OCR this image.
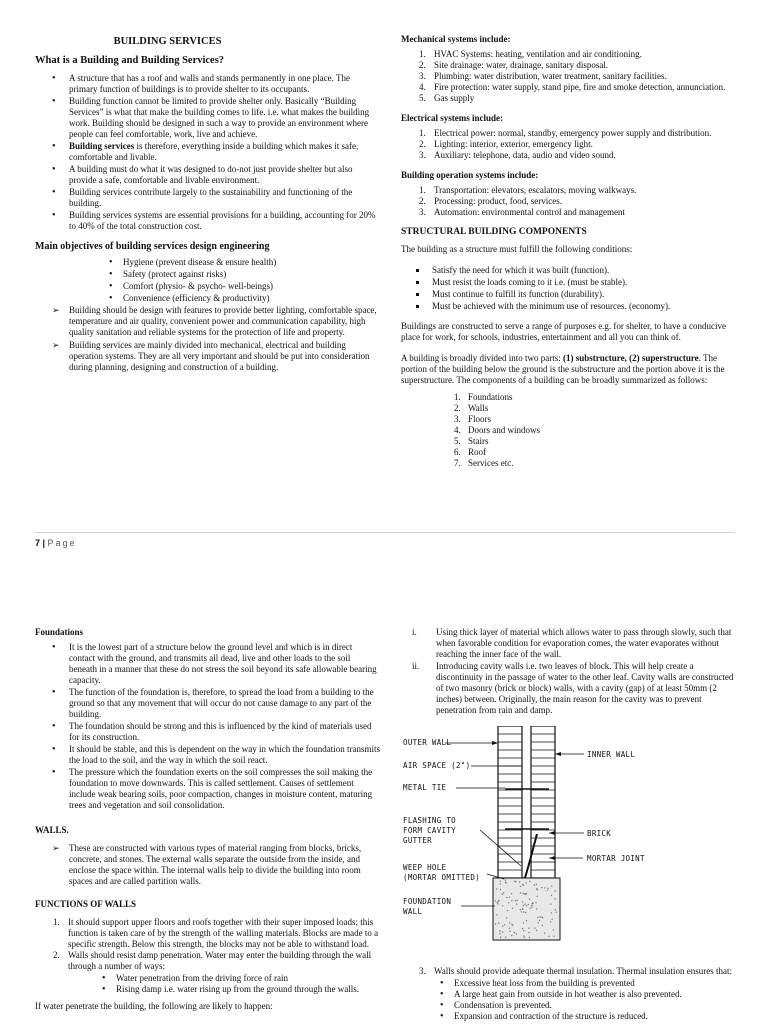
BUILDING SERVICES
What is a Building and Building Services?
• A structure that has a roof and walls and stands permanently in one place. The primary function of buildings is to provide shelter to its occupants.
• Building function cannot be limited to provide shelter only. Basically “Building Services” is what that make the building comes to life. i.e. what makes the building work. Building should be designed in such a way to provide an environment where people can feel comfortable, work, live and achieve.
• Building services is therefore, everything inside a building which makes it safe, comfortable and livable.
• A building must do what it was designed to do-not just provide shelter but also provide a safe, comfortable and livable environment.
• Building services contribute largely to the sustainability and functioning of the building.
• Building services systems are essential provisions for a building, accounting for 20% to 40% of the total construction cost.
Main objectives of building services design engineering
• Hygiene (prevent disease & ensure health)
• Safety (protect against risks)
• Comfort (physio- & psycho- well-beings)
• Convenience (efficiency & productivity)
➢ Building should be design with features to provide better lighting, comfortable space, temperature and air quality, convenient power and communication capability, high quality sanitation and reliable systems for the protection of life and property.
➢ Building services are mainly divided into mechanical, electrical and building operation systems. They are all very important and should be put into consideration during planning, designing and construction of a building.
Mechanical systems include:
1. HVAC Systems: heating, ventilation and air conditioning.
2. Site drainage: water, drainage, sanitary disposal.
3. Plumbing: water distribution, water treatment, sanitary facilities.
4. Fire protection: water supply, stand pipe, fire and smoke detection, annunciation.
5. Gas supply
Electrical systems include:
1. Electrical power: normal, standby, emergency power supply and distribution.
2. Lighting: interior, exterior, emergency light.
3. Auxiliary: telephone, data, audio and video sound.
Building operation systems include:
1. Transportation: elevators, escalators, moving walkways.
2. Processing: product, food, services.
3. Automation: environmental control and management
STRUCTURAL BUILDING COMPONENTS

The building as a structure must fulfill the following conditions:

Satisfy the need for which it was built (function).
Must resist the loads coming to it i.e. (must be stable).
Must continue to fulfill its function (durability).
Must be achieved with the minimum use of resources. (economy).

Buildings are constructed to serve a range of purposes e.g. for shelter, to have a conducive place for work, for schools, industries, entertainment and all you can think of.

A building is broadly divided into two parts: (1) substructure, (2) superstructure. The portion of the building below the ground is the substructure and the portion above it is the superstructure. The components of a building can be broadly summarized as follows:

1. Foundations
2. Walls
3. Floors
4. Doors and windows
5. Stairs
6. Roof
7. Services etc.
7 | Page
Foundations
• It is the lowest part of a structure below the ground level and which is in direct contact with the ground, and transmits all dead, live and other loads to the soil beneath in a manner that these do not stress the soil beyond its safe allowable bearing capacity.
• The function of the foundation is, therefore, to spread the load from a building to the ground so that any movement that will occur do not cause damage to any part of the building.
• The foundation should be strong and this is influenced by the kind of materials used for its construction.
• It should be stable, and this is dependent on the way in which the foundation transmits the load to the soil, and the way in which the soil react.
• The pressure which the foundation exerts on the soil compresses the soil making the foundation to move downwards. This is called settlement. Causes of settlement include weak bearing soils, poor compaction, changes in moisture content, maturing trees and vegetation and soil consolidation.
WALLS.
➢ These are constructed with various types of material ranging from blocks, bricks, concrete, and stones. The external walls separate the outside from the inside, and enclose the space within. The internal walls help to divide the building into room spaces and are called partition walls.
FUNCTIONS OF WALLS
1. It should support upper floors and roofs together with their super imposed loads; this function is taken care of by the strength of the walling materials. Blocks are made to a specific strength. Below this strength, the blocks may not be able to withstand load.
2. Walls should resist damp penetration. Water may enter the building through the wall through a number of ways:
• Water penetration from the driving force of rain
• Rising damp i.e. water rising up from the ground through the walls.

If water penetrate the building, the following are likely to happen:

i. Using thick layer of material which allows water to pass through slowly, such that when favorable condition for evaporation comes, the water evaporates without reaching the inner face of the wall.
ii. Introducing cavity walls i.e. two leaves of block. This will help create a discontinuity in the passage of water to the other leaf. Cavity walls are constructed of two masonry (brick or block) walls, with a cavity (gap) of at least 50mm (2 inches) between. Originally, the main reason for the cavity was to prevent penetration from rain and damp.
OUTER WALL
AIR SPACE (2")
METAL TIE
FLASHING TO
FORM CAVITY
GUTTER
WEEP HOLE
(MORTAR OMITTED)
FOUNDATION
WALL
INNER WALL
BRICK
MORTAR JOINT
3. Walls should provide adequate thermal insulation. Thermal insulation ensures that:
• Excessive heat loss from the building is prevented
• A large heat gain from outside in hot weather is also prevented.
• Condensation is prevented.
• Expansion and contraction of the structure is reduced.
